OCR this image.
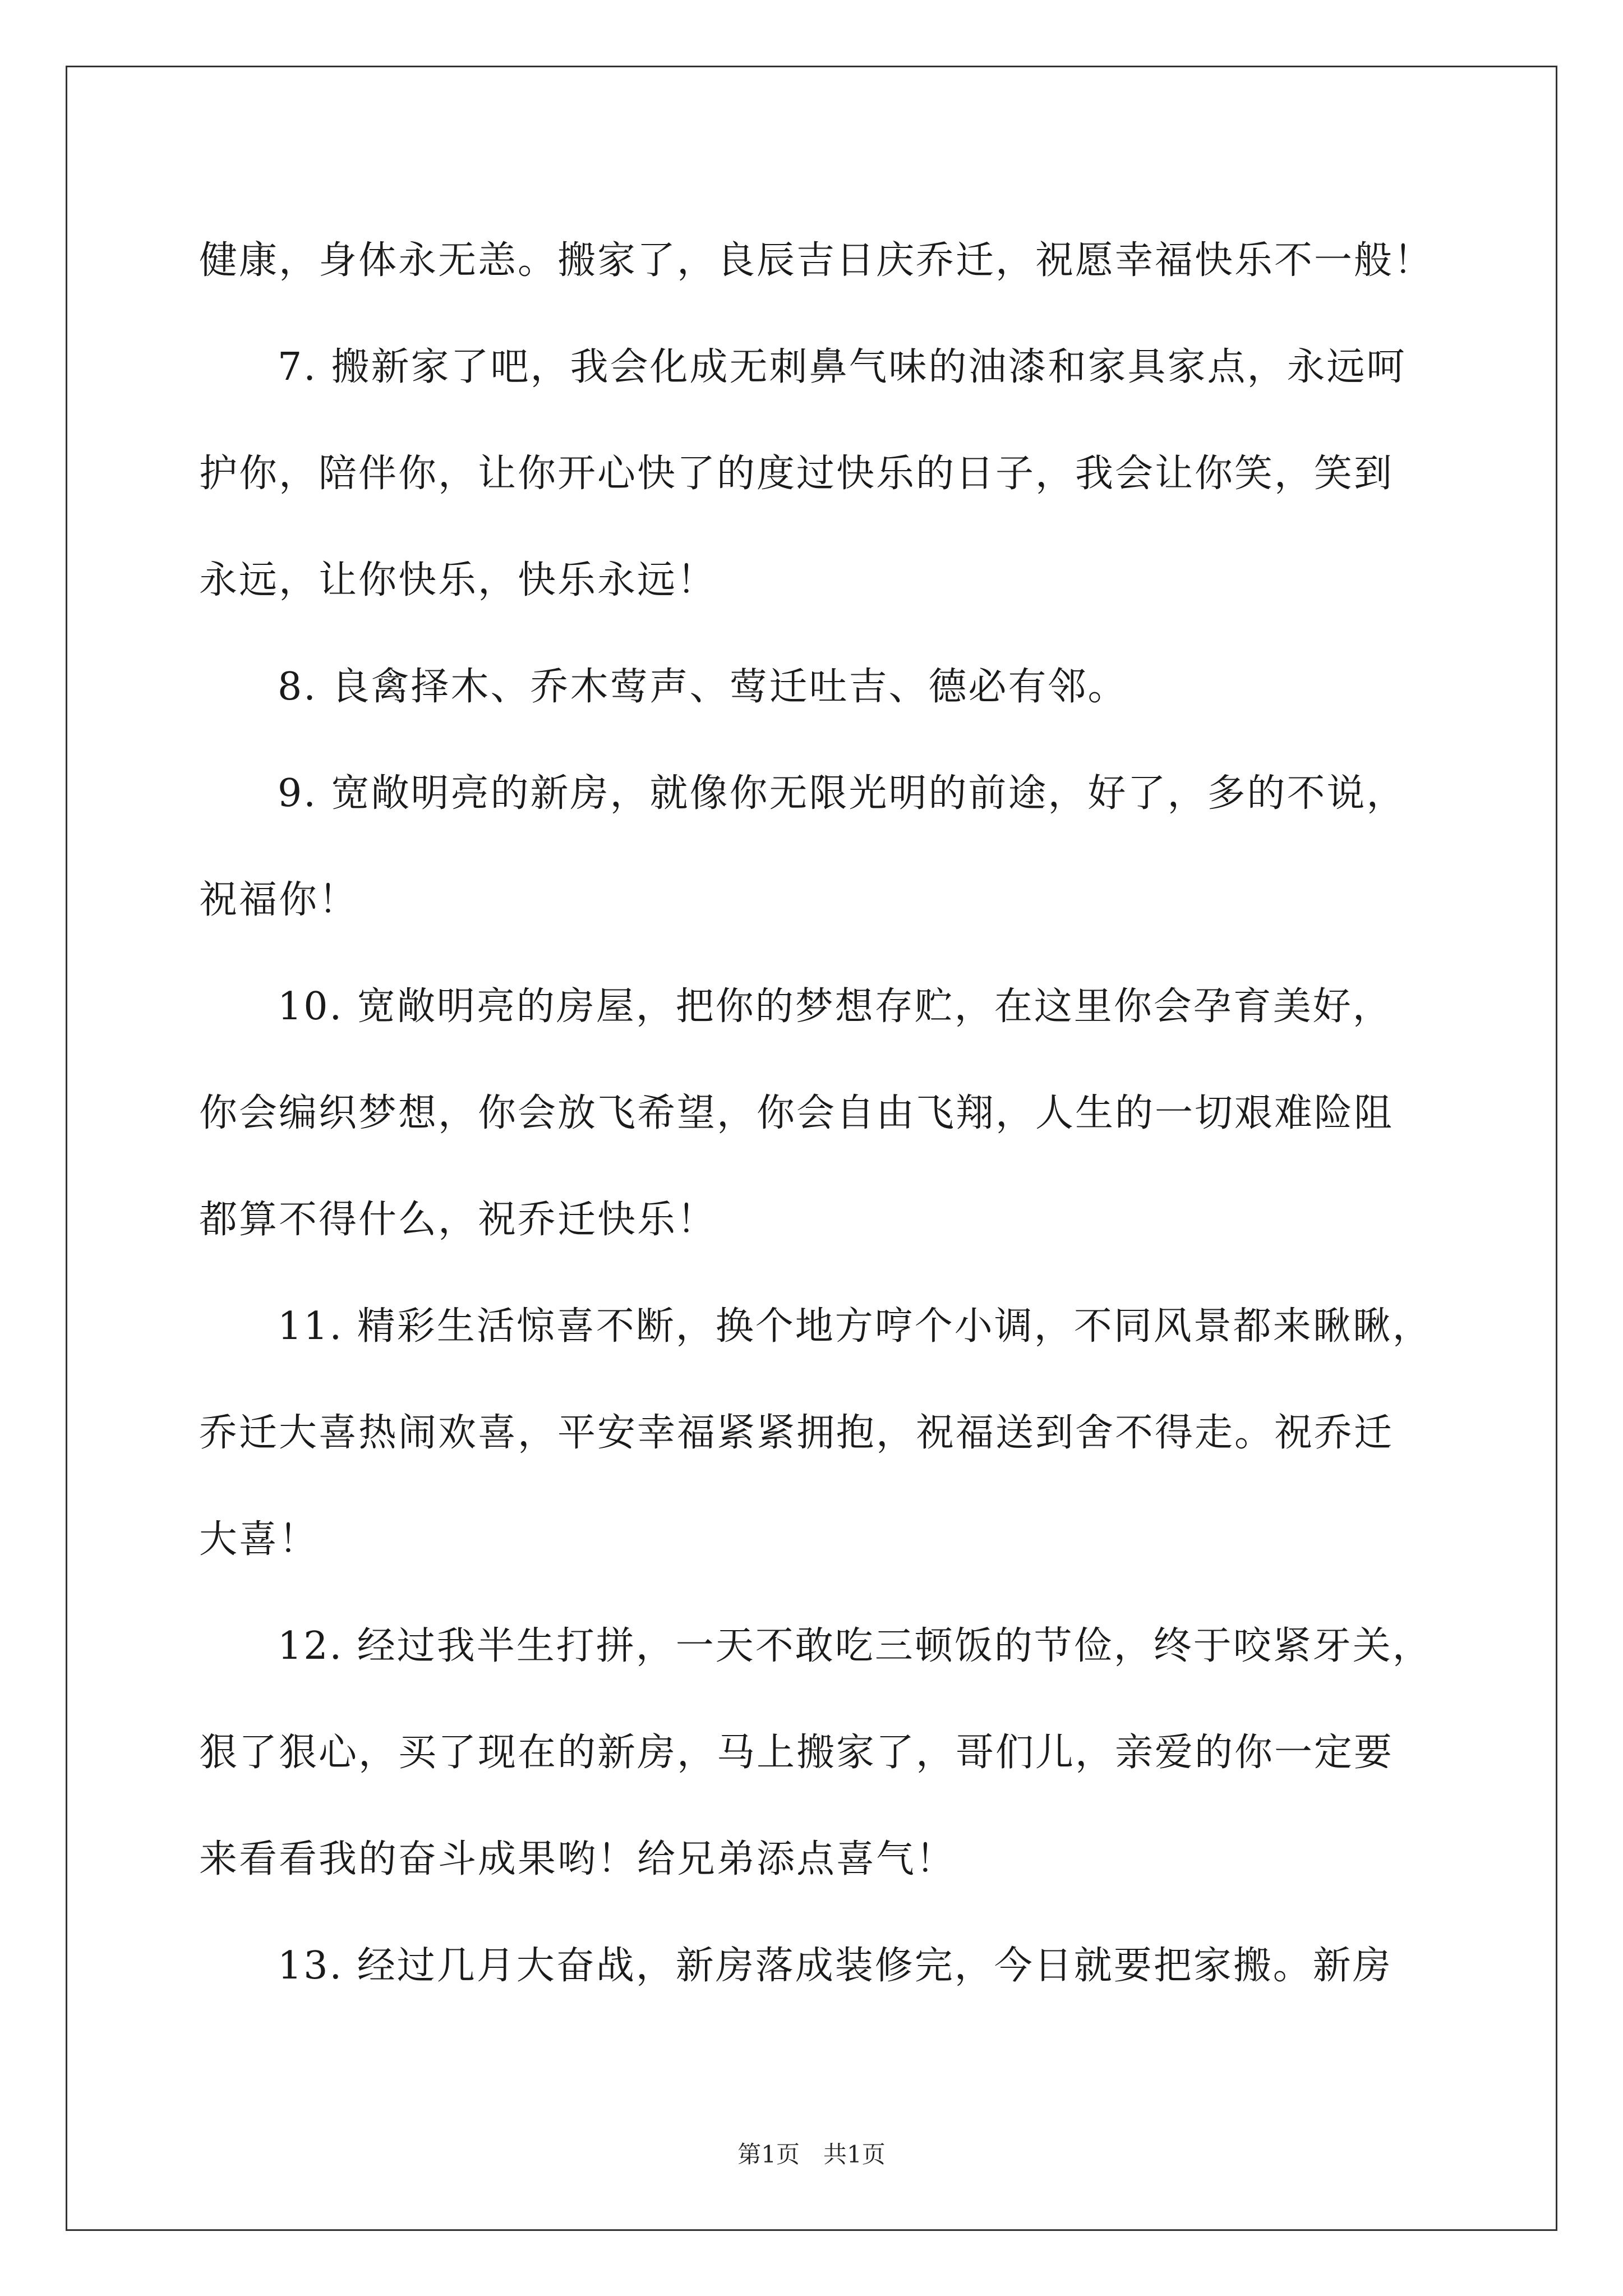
健康，身体永无恙。搬家了，良辰吉日庆乔迁，祝愿幸福快乐不一般！
7. 搬新家了吧，我会化成无刺鼻气味的油漆和家具家点，永远呵
护你，陪伴你，让你开心快了的度过快乐的日子，我会让你笑，笑到
永远，让你快乐，快乐永远！
8. 良禽择木、乔木莺声、莺迁吐吉、德必有邻。
9. 宽敞明亮的新房，就像你无限光明的前途，好了，多的不说，
祝福你！
10. 宽敞明亮的房屋，把你的梦想存贮，在这里你会孕育美好，
你会编织梦想，你会放飞希望，你会自由飞翔，人生的一切艰难险阻
都算不得什么，祝乔迁快乐！
11. 精彩生活惊喜不断，换个地方哼个小调，不同风景都来瞅瞅，
乔迁大喜热闹欢喜，平安幸福紧紧拥抱，祝福送到舍不得走。祝乔迁
大喜！
12. 经过我半生打拼，一天不敢吃三顿饭的节俭，终于咬紧牙关，
狠了狠心，买了现在的新房，马上搬家了，哥们儿，亲爱的你一定要
来看看我的奋斗成果哟！给兄弟添点喜气！
13. 经过几月大奋战，新房落成装修完，今日就要把家搬。新房
第1页　共1页
